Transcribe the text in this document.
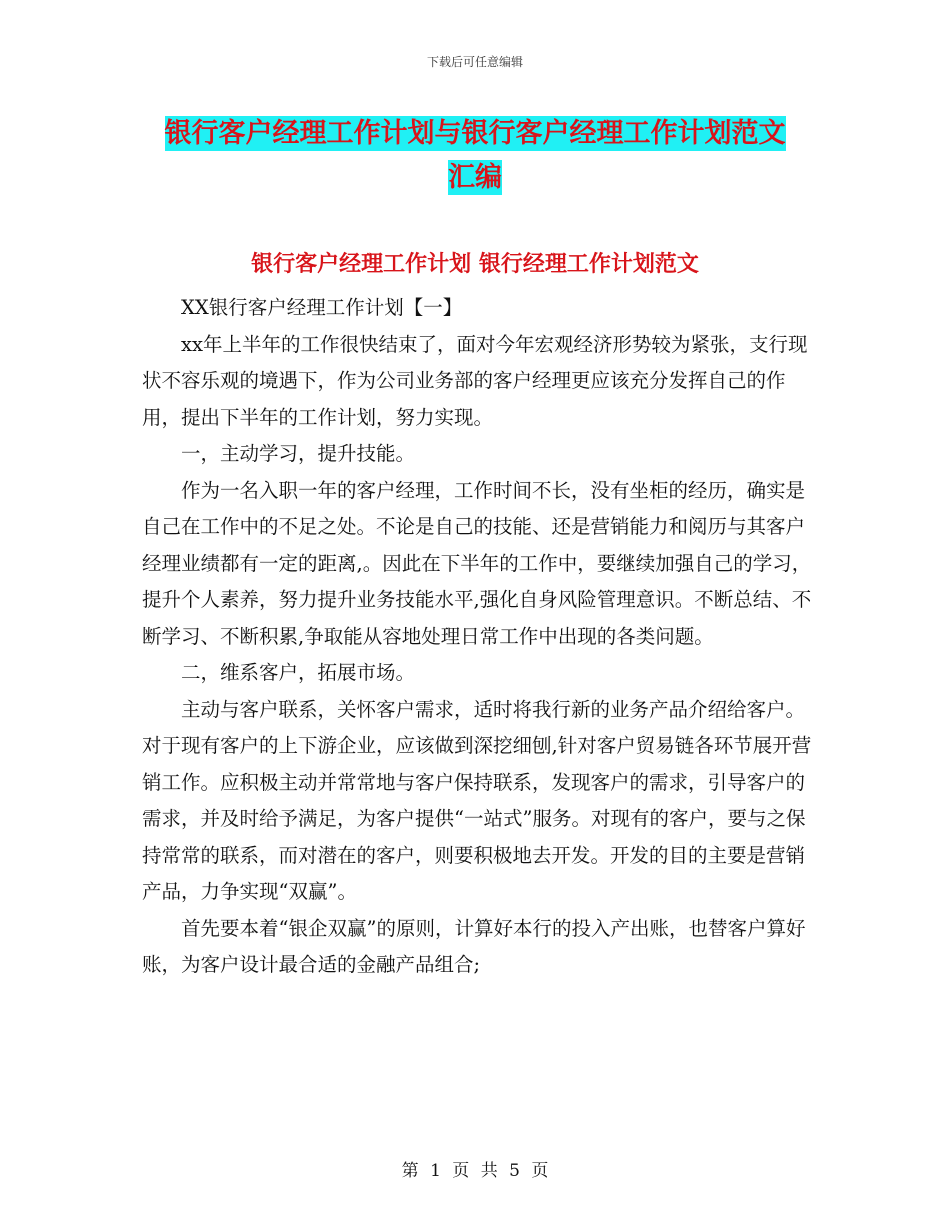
下载后可任意编辑
银行客户经理工作计划与银行客户经理工作计划范文
汇编
银行客户经理工作计划 银行经理工作计划范文

XX银行客户经理工作计划【一】

xx年上半年的工作很快结束了，面对今年宏观经济形势较为紧张，支行现状不容乐观的境遇下，作为公司业务部的客户经理更应该充分发挥自己的作用，提出下半年的工作计划，努力实现。

一，主动学习，提升技能。

作为一名入职一年的客户经理，工作时间不长，没有坐柜的经历，确实是自己在工作中的不足之处。不论是自己的技能、还是营销能力和阅历与其客户经理业绩都有一定的距离,。因此在下半年的工作中，要继续加强自己的学习，提升个人素养，努力提升业务技能水平,强化自身风险管理意识。不断总结、不断学习、不断积累,争取能从容地处理日常工作中出现的各类问题。

二，维系客户，拓展市场。

主动与客户联系，关怀客户需求，适时将我行新的业务产品介绍给客户。对于现有客户的上下游企业，应该做到深挖细刨,针对客户贸易链各环节展开营销工作。应积极主动并常常地与客户保持联系，发现客户的需求，引导客户的需求，并及时给予满足，为客户提供“一站式”服务。对现有的客户，要与之保持常常的联系，而对潜在的客户，则要积极地去开发。开发的目的主要是营销产品，力争实现“双赢”。

首先要本着“银企双赢”的原则，计算好本行的投入产出账，也替客户算好账，为客户设计最合适的金融产品组合;

第 1 页 共 5 页
